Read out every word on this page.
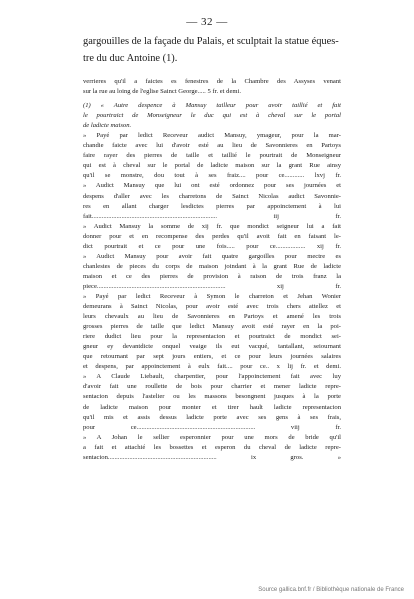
— 32 —
gargouilles de la façade du Palais, et sculptait la statue éques-
tre du duc Antoine (1).
verrieres qu'il a faictes es fenestres de la Chambre des Assyses venant
sur la rue au loing de l'eglise Sainct George..... 5 fr. et demi.
(1) « Autre despence à Mansuy tailleur pour avoir taillié et fait
le pourtraict de Monseigneur le duc qui est à cheval sur le portal
de ladicte maison.
» Payé par ledict Receveur audict Mansuy, ymageur, pour la mar-
chandie faicte avec lui d'avoir esté au lieu de Savonnieres en Partoys
faire rayer des pierres de taille et taillié le pourtrait de Monseigneur
qui est à cheval sur le portal de ladicte maison sur la grant Rue ainsy
qu'il se monstre, dou tout à ses fraiz.... pour ce............ lxvj fr.
» Audict Mansuy que lui ont esté ordonnez pour ses journées et
despens d'aller avec les charretons de Sainct Nicolas audict Savonnie-
res en allant charger lesdictes pierres par appoinctement à lui
fait............................................................................ iij fr.
» Audict Mansuy la somme de xij fr. que mondict seigneur lui a fait
donner pour et en recompense des perdes qu'il avoit fait en faisant le-
dict pourtrait et ce pour une fois..... pour ce.................. xij fr.
» Audict Mansuy pour avoir fait quatre gargoilles pour mectre es
chanlestes de pieces du corps de maison joindant à la grant Rue de ladicte
maison et ce des pierres de provision à raison de trois franz la
piece.............................................................................. xij fr.
» Payé par ledict Receveur à Symon le charreton et Jehan Wonier
demeurans à Sainct Nicolas, pour avoir esté avec trois chers attellez et
leurs chevaulx au lieu de Savonnieres en Partoys et amené les trois
grosses pierres de taille que ledict Mansuy avoit esté rayer en la poi-
riere dudict lieu pour la representacion et pourtraict de mondict sei-
gneur ey devantdicte onquel veaige ils eut vacqué, tantallant, seiournant
que retournant par sept jours entiers, et ce pour leurs journées salaires
et despens, par appoinctement à eulx fait.... pour ce.. x lij fr. et demi.
» A Claude Liebault, charpentier, pour l'appoinctement fait avec luy
d'avoir fait une roullette de bois pour charrier et mener ladicte repre-
sentacion depuis l'astelier ou les massons besongnent jusques à la porte
de ladicte maison pour monter et tirer hault ladicte representacion
qu'il mis et assis dessus ladicte porte avec ses gens à ses frais,
pour ce........................................................................ viij fr.
» A Johan le sellier esperonnier pour une mors de bride qu'il
a fait et attachié les bossettes et esperon du cheval de ladicte repre-
sentacion.................................................................. ix gros. »
Source gallica.bnf.fr / Bibliothèque nationale de France
